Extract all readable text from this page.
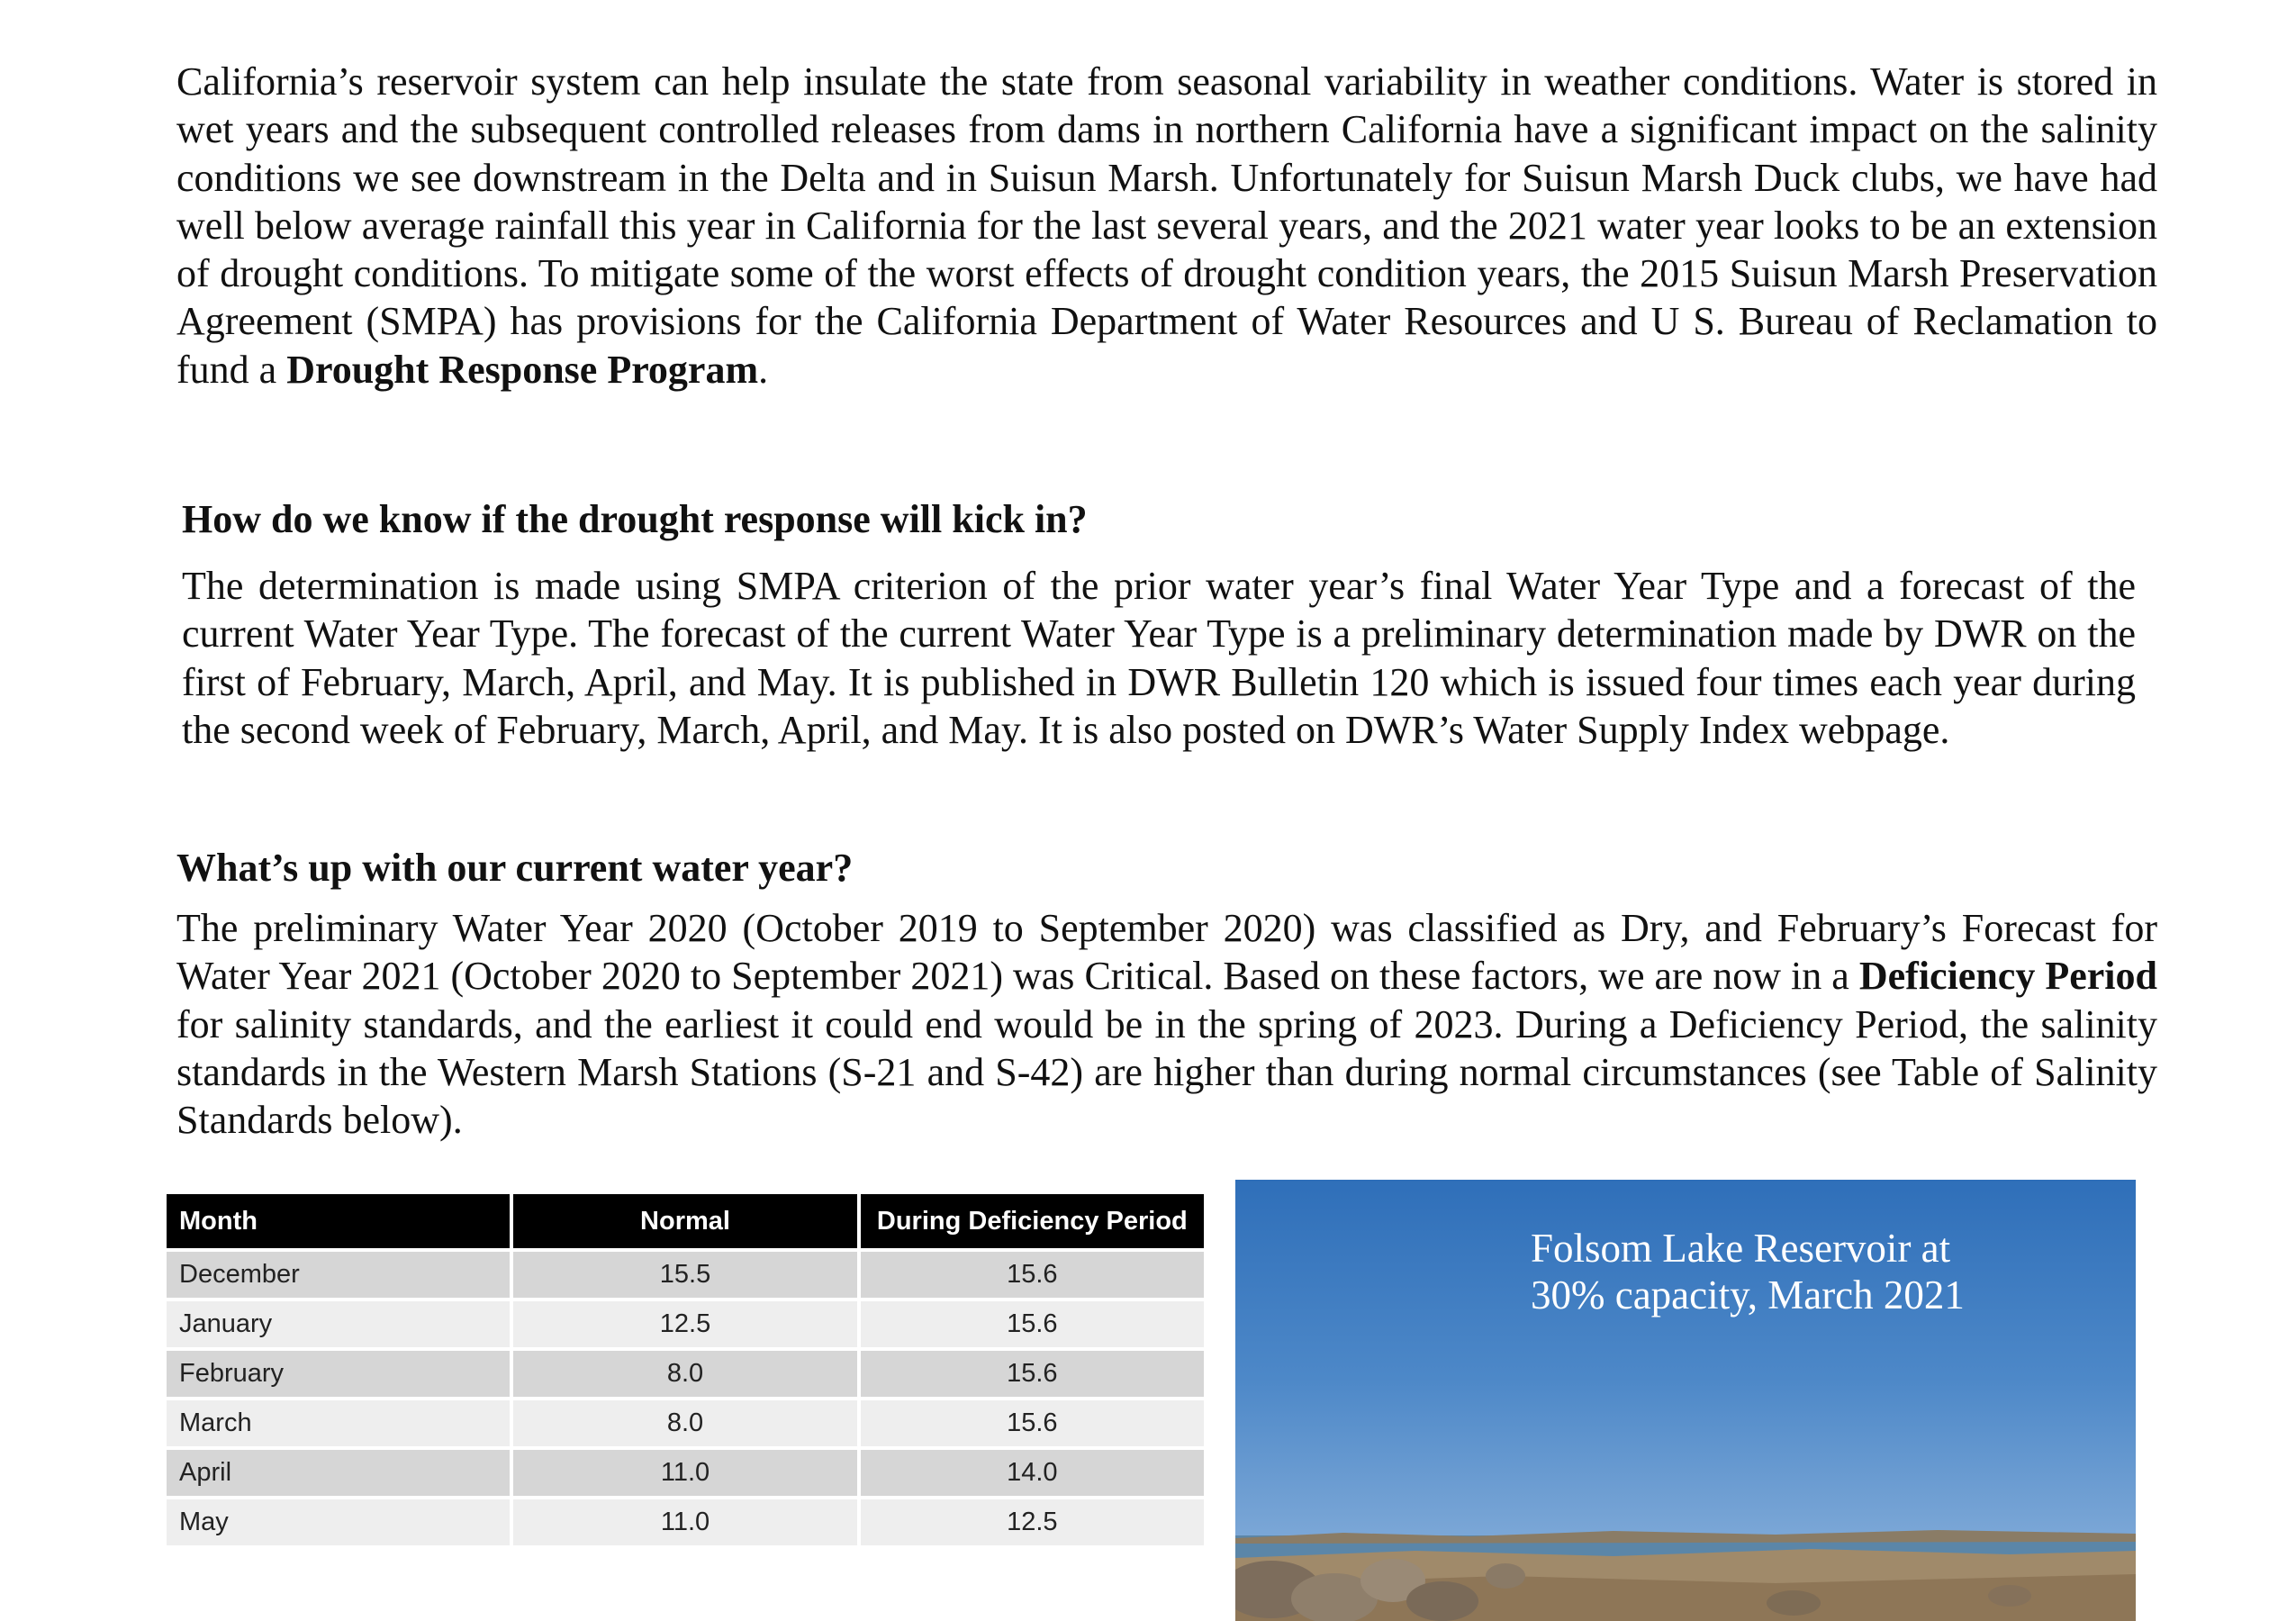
California’s reservoir system can help insulate the state from seasonal variability in weather conditions. Water is stored in wet years and the subsequent controlled releases from dams in northern California have a significant impact on the salinity conditions we see downstream in the Delta and in Suisun Marsh. Unfortunately for Suisun Marsh Duck clubs, we have had well below average rainfall this year in California for the last several years, and the 2021 water year looks to be an extension of drought conditions. To mitigate some of the worst effects of drought condition years, the 2015 Suisun Marsh Preservation Agreement (SMPA) has provisions for the California Department of Water Resources and U S. Bureau of Reclamation to fund a Drought Response Program.

How do we know if the drought response will kick in?

The determination is made using SMPA criterion of the prior water year’s final Water Year Type and a forecast of the current Water Year Type. The forecast of the current Water Year Type is a preliminary determination made by DWR on the first of February, March, April, and May. It is published in DWR Bulletin 120 which is issued four times each year during the second week of February, March, April, and May. It is also posted on DWR’s Water Supply Index webpage.

What’s up with our current water year?

The preliminary Water Year 2020 (October 2019 to September 2020) was classified as Dry, and February’s Forecast for Water Year 2021 (October 2020 to September 2021) was Critical. Based on these factors, we are now in a Deficiency Period for salinity standards, and the earliest it could end would be in the spring of 2023. During a Deficiency Period, the salinity standards in the Western Marsh Stations (S-21 and S-42) are higher than during normal circumstances (see Table of Salinity Standards below).

Month	Normal	During Deficiency Period
December	15.5	15.6
January	12.5	15.6
February	8.0	15.6
March	8.0	15.6
April	11.0	14.0
May	11.0	12.5

Folsom Lake Reservoir at
30% capacity, March 2021
